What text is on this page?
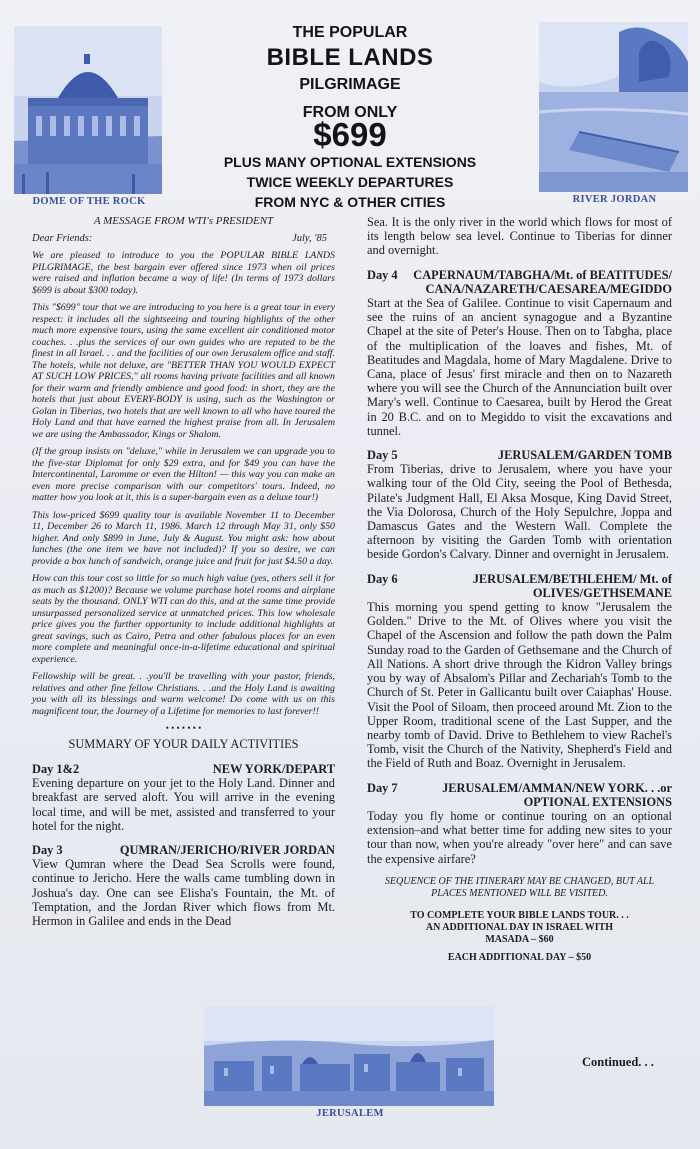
DOME OF THE ROCK	RIVER JORDAN
THE POPULAR
BIBLE LANDS
PILGRIMAGE
FROM ONLY
$699
PLUS MANY OPTIONAL EXTENSIONS
TWICE WEEKLY DEPARTURES
FROM NYC & OTHER CITIES

A MESSAGE FROM WTI's PRESIDENT

Dear Friends:	July, '85

We are pleased to introduce to you the POPULAR BIBLE LANDS PILGRIMAGE, the best bargain ever offered since 1973 when oil prices were raised and inflation became a way of life! (In terms of 1973 dollars $699 is about $300 today).

This "$699" tour that we are introducing to you here is a great tour in every respect: it includes all the sightseeing and touring highlights of the other much more expensive tours, using the same excellent air conditioned motor coaches. . .plus the services of our own guides who are reputed to be the finest in all Israel. . . and the facilities of our own Jerusalem office and staff. The hotels, while not deluxe, are "BETTER THAN YOU WOULD EXPECT AT SUCH LOW PRICES," all rooms having private facilities and all known for their warm and friendly ambience and good food: in short, they are the hotels that just about EVERY-BODY is using, such as the Washington or Golan in Tiberias, two hotels that are well known to all who have toured the Holy Land and that have earned the highest praise from all. In Jerusalem we are using the Ambassador, Kings or Shalom.

(If the group insists on "deluxe," while in Jerusalem we can upgrade you to the five-star Diplomat for only $29 extra, and for $49 you can have the Intercontinental, Laromme or even the Hilton! — this way you can make an even more precise comparison with our competitors' tours. Indeed, no matter how you look at it, this is a super-bargain even as a deluxe tour!)

This low-priced $699 quality tour is available November 11 to December 11, December 26 to March 11, 1986. March 12 through May 31, only $50 higher. And only $899 in June, July & August. You might ask: how about lunches (the one item we have not included)? If you so desire, we can provide a box lunch of sandwich, orange juice and fruit for just $4.50 a day.

How can this tour cost so little for so much high value (yes, others sell it for as much as $1200)? Because we volume purchase hotel rooms and airplane seats by the thousand. ONLY WTI can do this, and at the same time provide unsurpassed personalized service at unmatched prices. This low wholesale price gives you the further opportunity to include additional highlights at great savings, such as Cairo, Petra and other fabulous places for an even more complete and meaningful once-in-a-lifetime educational and spiritual experience.

Fellowship will be great. . .you'll be travelling with your pastor, friends, relatives and other fine fellow Christians. . .and the Holy Land is awaiting you with all its blessings and warm welcome! Do come with us on this magnificent tour, the Journey of a Lifetime for memories to last forever!!

• • • • • • •

SUMMARY OF YOUR DAILY ACTIVITIES

Day 1&2	NEW YORK/DEPART

Evening departure on your jet to the Holy Land. Dinner and breakfast are served aloft. You will arrive in the evening local time, and will be met, assisted and transferred to your hotel for the night.

Day 3	QUMRAN/JERICHO/RIVER JORDAN

View Qumran where the Dead Sea Scrolls were found, continue to Jericho. Here the walls came tumbling down in Joshua's day. One can see Elisha's Fountain, the Mt. of Temptation, and the Jordan River which flows from Mt. Hermon in Galilee and ends in the Dead

Sea. It is the only river in the world which flows for most of its length below sea level. Continue to Tiberias for dinner and overnight.

Day 4	CAPERNAUM/TABGHA/Mt. of BEATITUDES/ CANA/NAZARETH/CAESAREA/MEGIDDO

Start at the Sea of Galilee. Continue to visit Capernaum and see the ruins of an ancient synagogue and a Byzantine Chapel at the site of Peter's House. Then on to Tabgha, place of the multiplication of the loaves and fishes, Mt. of Beatitudes and Magdala, home of Mary Magdalene. Drive to Cana, place of Jesus' first miracle and then on to Nazareth where you will see the Church of the Annunciation built over Mary's well. Continue to Caesarea, built by Herod the Great in 20 B.C. and on to Megiddo to visit the excavations and tunnel.

Day 5	JERUSALEM/GARDEN TOMB

From Tiberias, drive to Jerusalem, where you have your walking tour of the Old City, seeing the Pool of Bethesda, Pilate's Judgment Hall, El Aksa Mosque, King David Street, the Via Dolorosa, Church of the Holy Sepulchre, Joppa and Damascus Gates and the Western Wall. Complete the afternoon by visiting the Garden Tomb with orientation beside Gordon's Calvary. Dinner and overnight in Jerusalem.

Day 6	JERUSALEM/BETHLEHEM/ Mt. of OLIVES/GETHSEMANE

This morning you spend getting to know "Jerusalem the Golden." Drive to the Mt. of Olives where you visit the Chapel of the Ascension and follow the path down the Palm Sunday road to the Garden of Gethsemane and the Church of All Nations. A short drive through the Kidron Valley brings you by way of Absalom's Pillar and Zechariah's Tomb to the Church of St. Peter in Gallicantu built over Caiaphas' House. Visit the Pool of Siloam, then proceed around Mt. Zion to the Upper Room, traditional scene of the Last Supper, and the nearby tomb of David. Drive to Bethlehem to view Rachel's Tomb, visit the Church of the Nativity, Shepherd's Field and the Field of Ruth and Boaz. Overnight in Jerusalem.

Day 7	JERUSALEM/AMMAN/NEW YORK. . .or OPTIONAL EXTENSIONS

Today you fly home or continue touring on an optional extension–and what better time for adding new sites to your tour than now, when you're already "over here" and can save the expensive airfare?

SEQUENCE OF THE ITINERARY MAY BE CHANGED, BUT ALL PLACES MENTIONED WILL BE VISITED.

TO COMPLETE YOUR BIBLE LANDS TOUR. . .

AN ADDITIONAL DAY IN ISRAEL WITH

MASADA – $60

EACH ADDITIONAL DAY – $50

JERUSALEM
Continued. . .
